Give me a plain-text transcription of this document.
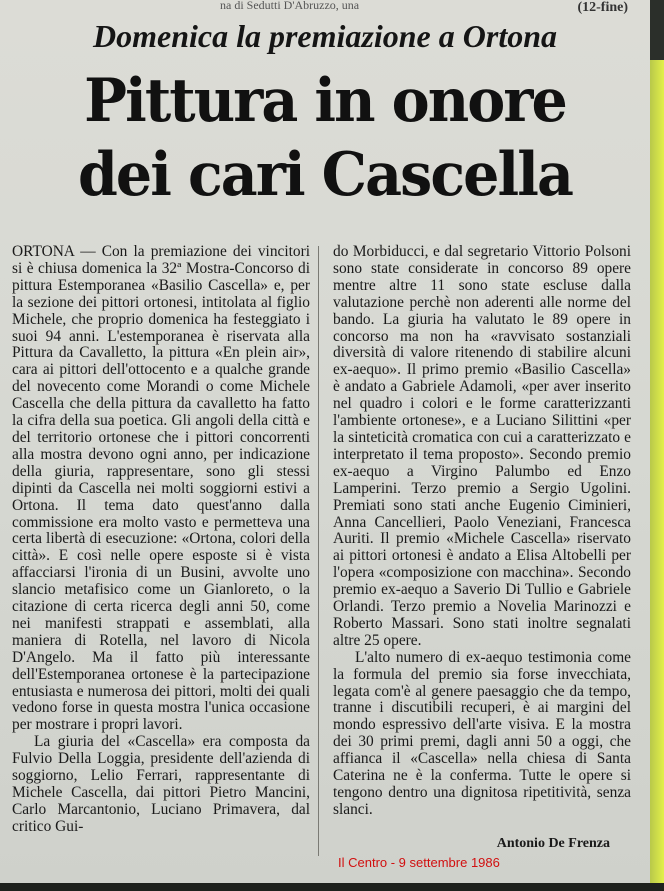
na di Sedutti D'Abruzzo, una	(12-fine)
Domenica la premiazione a Ortona
Pittura in onore
dei cari Cascella

ORTONA — Con la premiazione dei vincitori si è chiusa domenica la 32ª Mostra-Concorso di pittura Estemporanea «Basilio Cascella» e, per la sezione dei pittori ortonesi, intitolata al figlio Michele, che proprio domenica ha festeggiato i suoi 94 anni. L'estemporanea è riservata alla Pittura da Cavalletto, la pittura «En plein air», cara ai pittori dell'ottocento e a qualche grande del novecento come Morandi o come Michele Cascella che della pittura da cavalletto ha fatto la cifra della sua poetica. Gli angoli della città e del territorio ortonese che i pittori concorrenti alla mostra devono ogni anno, per indicazione della giuria, rappresentare, sono gli stessi dipinti da Cascella nei molti soggiorni estivi a Ortona. Il tema dato quest'anno dalla commissione era molto vasto e permetteva una certa libertà di esecuzione: «Ortona, colori della città». E così nelle opere esposte si è vista affacciarsi l'ironia di un Busini, avvolte uno slancio metafisico come un Gianloreto, o la citazione di certa ricerca degli anni 50, come nei manifesti strappati e assemblati, alla maniera di Rotella, nel lavoro di Nicola D'Angelo. Ma il fatto più interessante dell'Estemporanea ortonese è la partecipazione entusiasta e numerosa dei pittori, molti dei quali vedono forse in questa mostra l'unica occasione per mostrare i propri lavori.

La giuria del «Cascella» era composta da Fulvio Della Loggia, presidente dell'azienda di soggiorno, Lelio Ferrari, rappresentante di Michele Cascella, dai pittori Pietro Mancini, Carlo Marcantonio, Luciano Primavera, dal critico Gui-

do Morbiducci, e dal segretario Vittorio Polsoni sono state considerate in concorso 89 opere mentre altre 11 sono state escluse dalla valutazione perchè non aderenti alle norme del bando. La giuria ha valutato le 89 opere in concorso ma non ha «ravvisato sostanziali diversità di valore ritenendo di stabilire alcuni ex-aequo». Il primo premio «Basilio Cascella» è andato a Gabriele Adamoli, «per aver inserito nel quadro i colori e le forme caratterizzanti l'ambiente ortonese», e a Luciano Silittini «per la sinteticità cromatica con cui a caratterizzato e interpretato il tema proposto». Secondo premio ex-aequo a Virgino Palumbo ed Enzo Lamperini. Terzo premio a Sergio Ugolini. Premiati sono stati anche Eugenio Ciminieri, Anna Cancellieri, Paolo Veneziani, Francesca Auriti. Il premio «Michele Cascella» riservato ai pittori ortonesi è andato a Elisa Altobelli per l'opera «composizione con macchina». Secondo premio ex-aequo a Saverio Di Tullio e Gabriele Orlandi. Terzo premio a Novelia Marinozzi e Roberto Massari. Sono stati inoltre segnalati altre 25 opere.

L'alto numero di ex-aequo testimonia come la formula del premio sia forse invecchiata, legata com'è al genere paesaggio che da tempo, tranne i discutibili recuperi, è ai margini del mondo espressivo dell'arte visiva. E la mostra dei 30 primi premi, dagli anni 50 a oggi, che affianca il «Cascella» nella chiesa di Santa Caterina ne è la conferma. Tutte le opere si tengono dentro una dignitosa ripetitività, senza slanci.

Antonio De Frenza
Il Centro - 9 settembre 1986
